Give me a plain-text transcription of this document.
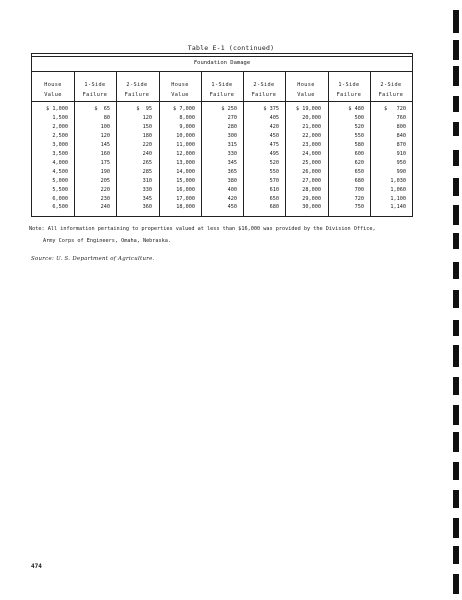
Table E-1 (continued)
Foundation Damage
House
Value
1-Side
Failure
2-Side
Failure
House
Value
1-Side
Failure
2-Side
Failure
House
Value
1-Side
Failure
2-Side
Failure
$ 1,000
1,500
2,000
2,500
3,000
3,500
4,000
4,500
5,000
5,500
6,000
6,500
$  65
80
100
120
145
160
175
190
205
220
230
240
$  95
120
150
180
220
240
265
285
310
330
345
360
$ 7,000
8,000
9,000
10,000
11,000
12,000
13,000
14,000
15,000
16,000
17,000
18,000
$ 250
270
280
300
315
330
345
365
380
400
420
450
$ 375
405
420
450
475
495
520
550
570
610
650
680
$ 19,000
20,000
21,000
22,000
23,000
24,000
25,000
26,000
27,000
28,000
29,000
30,000
$ 480
500
520
550
580
600
620
650
680
700
720
750
$   720
760
800
840
870
910
950
990
1,030
1,060
1,100
1,140
Note: All information pertaining to properties valued at less than $16,000 was provided by the Division Office,
Army Corps of Engineers, Omaha, Nebraska.
Source: U. S. Department of Agriculture.
474
